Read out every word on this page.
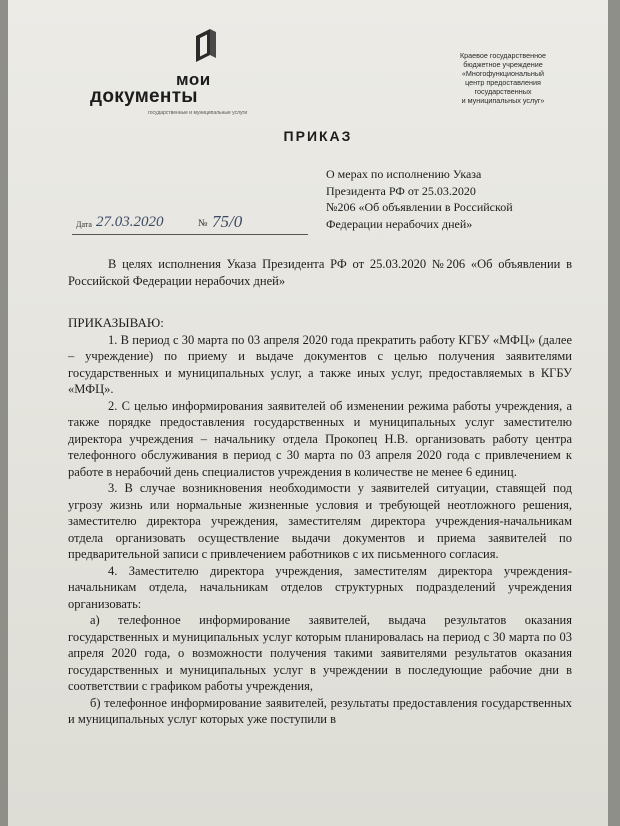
мои
документы
государственные и муниципальные услуги
Краевое государственное
бюджетное учреждение
«Многофункциональный
центр предоставления
государственных
и муниципальных услуг»
ПРИКАЗ
О мерах по исполнению Указа
Президента РФ от 25.03.2020
№206 «Об объявлении в Российской
Федерации нерабочих дней»
Дата 27.03.2020	№ 75/0

В целях исполнения Указа Президента РФ от 25.03.2020 №206 «Об объявлении в Российской Федерации нерабочих дней»

ПРИКАЗЫВАЮ:

1. В период с 30 марта по 03 апреля 2020 года прекратить работу КГБУ «МФЦ» (далее – учреждение) по приему и выдаче документов с целью получения заявителями государственных и муниципальных услуг, а также иных услуг, предоставляемых в КГБУ «МФЦ».

2. С целью информирования заявителей об изменении режима работы учреждения, а также порядке предоставления государственных и муниципальных услуг заместителю директора учреждения – начальнику отдела Прокопец Н.В. организовать работу центра телефонного обслуживания в период с 30 марта по 03 апреля 2020 года с привлечением к работе в нерабочий день специалистов учреждения в количестве не менее 6 единиц.

3. В случае возникновения необходимости у заявителей ситуации, ставящей под угрозу жизнь или нормальные жизненные условия и требующей неотложного решения, заместителю директора учреждения, заместителям директора учреждения-начальникам отдела организовать осуществление выдачи документов и приема заявителей по предварительной записи с привлечением работников с их письменного согласия.

4. Заместителю директора учреждения, заместителям директора учреждения-начальникам отдела, начальникам отделов структурных подразделений учреждения организовать:

а) телефонное информирование заявителей, выдача результатов оказания государственных и муниципальных услуг которым планировалась на период с 30 марта по 03 апреля 2020 года, о возможности получения такими заявителями результатов оказания государственных и муниципальных услуг в учреждении в последующие рабочие дни в соответствии с графиком работы учреждения,

б) телефонное информирование заявителей, результаты предоставления государственных и муниципальных услуг которых уже поступили в
